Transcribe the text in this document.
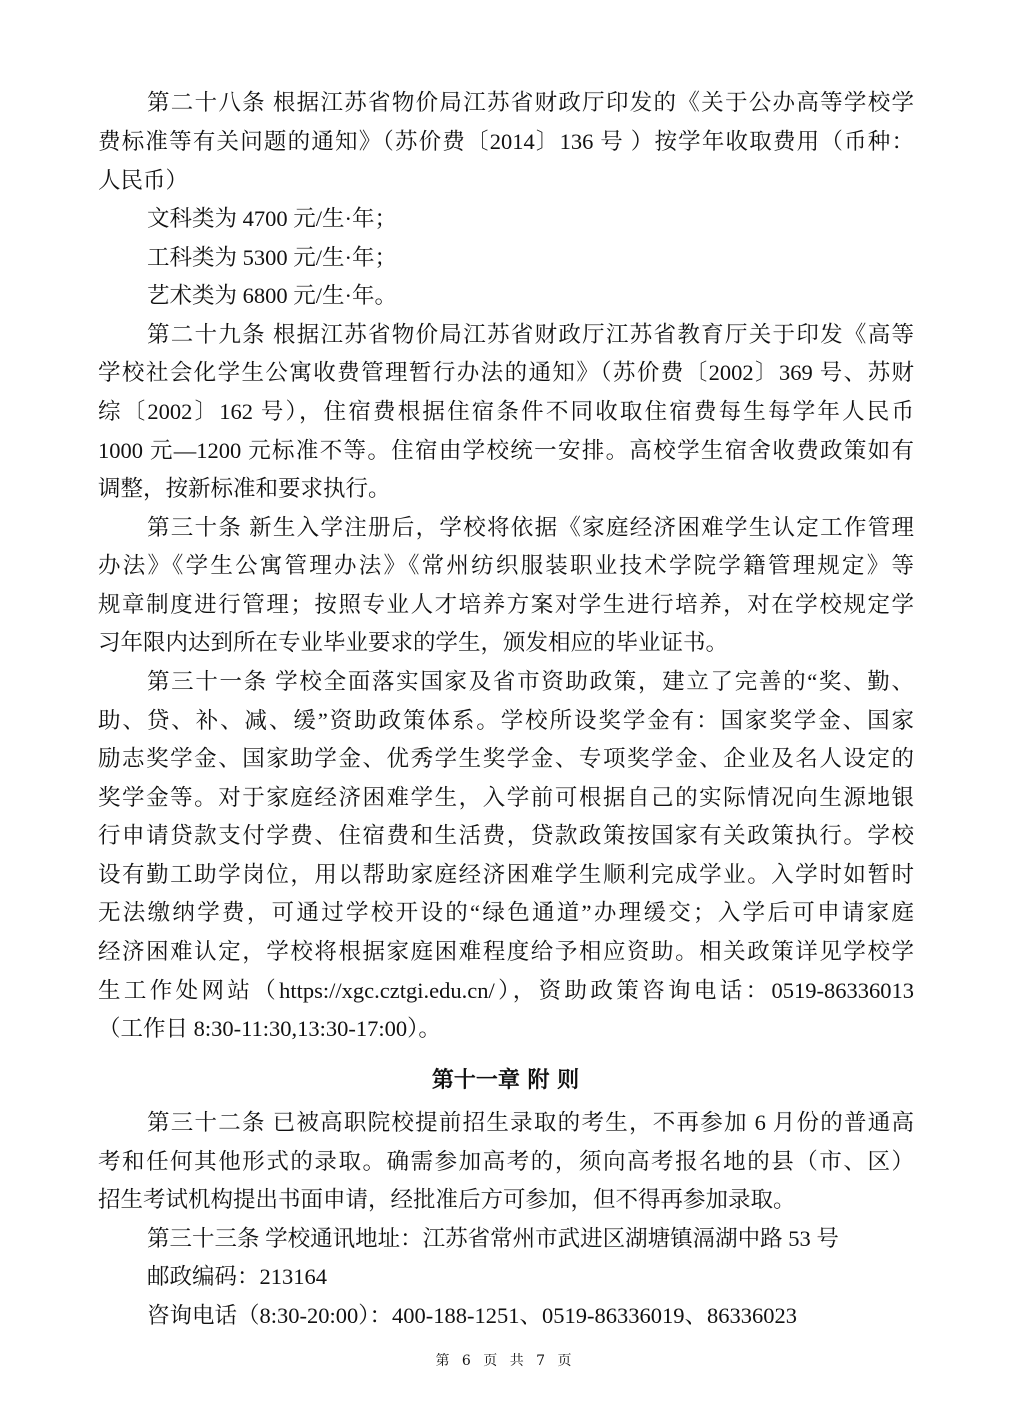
第二十八条 根据江苏省物价局江苏省财政厅印发的《关于公办高等学校学
费标准等有关问题的通知》（苏价费〔2014〕136 号 ）按学年收取费用（币种：
人民币）
文科类为 4700 元/生·年；
工科类为 5300 元/生·年；
艺术类为 6800 元/生·年。
第二十九条 根据江苏省物价局江苏省财政厅江苏省教育厅关于印发《高等
学校社会化学生公寓收费管理暂行办法的通知》（苏价费〔2002〕369 号、苏财
综〔2002〕162 号），住宿费根据住宿条件不同收取住宿费每生每学年人民币
1000 元—1200 元标准不等。住宿由学校统一安排。高校学生宿舍收费政策如有
调整，按新标准和要求执行。
第三十条 新生入学注册后，学校将依据《家庭经济困难学生认定工作管理
办法》《学生公寓管理办法》《常州纺织服装职业技术学院学籍管理规定》等
规章制度进行管理；按照专业人才培养方案对学生进行培养，对在学校规定学
习年限内达到所在专业毕业要求的学生，颁发相应的毕业证书。
第三十一条 学校全面落实国家及省市资助政策，建立了完善的“奖、勤、
助、贷、补、减、缓”资助政策体系。学校所设奖学金有：国家奖学金、国家
励志奖学金、国家助学金、优秀学生奖学金、专项奖学金、企业及名人设定的
奖学金等。对于家庭经济困难学生，入学前可根据自己的实际情况向生源地银
行申请贷款支付学费、住宿费和生活费，贷款政策按国家有关政策执行。学校
设有勤工助学岗位，用以帮助家庭经济困难学生顺利完成学业。入学时如暂时
无法缴纳学费，可通过学校开设的“绿色通道”办理缓交；入学后可申请家庭
经济困难认定，学校将根据家庭困难程度给予相应资助。相关政策详见学校学
生工作处网站（https://xgc.cztgi.edu.cn/），资助政策咨询电话：0519-86336013
（工作日 8:30-11:30,13:30-17:00）。
第十一章 附 则
第三十二条 已被高职院校提前招生录取的考生，不再参加 6 月份的普通高
考和任何其他形式的录取。确需参加高考的，须向高考报名地的县（市、区）
招生考试机构提出书面申请，经批准后方可参加，但不得再参加录取。
第三十三条 学校通讯地址：江苏省常州市武进区湖塘镇滆湖中路 53 号
邮政编码：213164
咨询电话（8:30-20:00）：400-188-1251、0519-86336019、86336023
第 6 页 共 7 页
